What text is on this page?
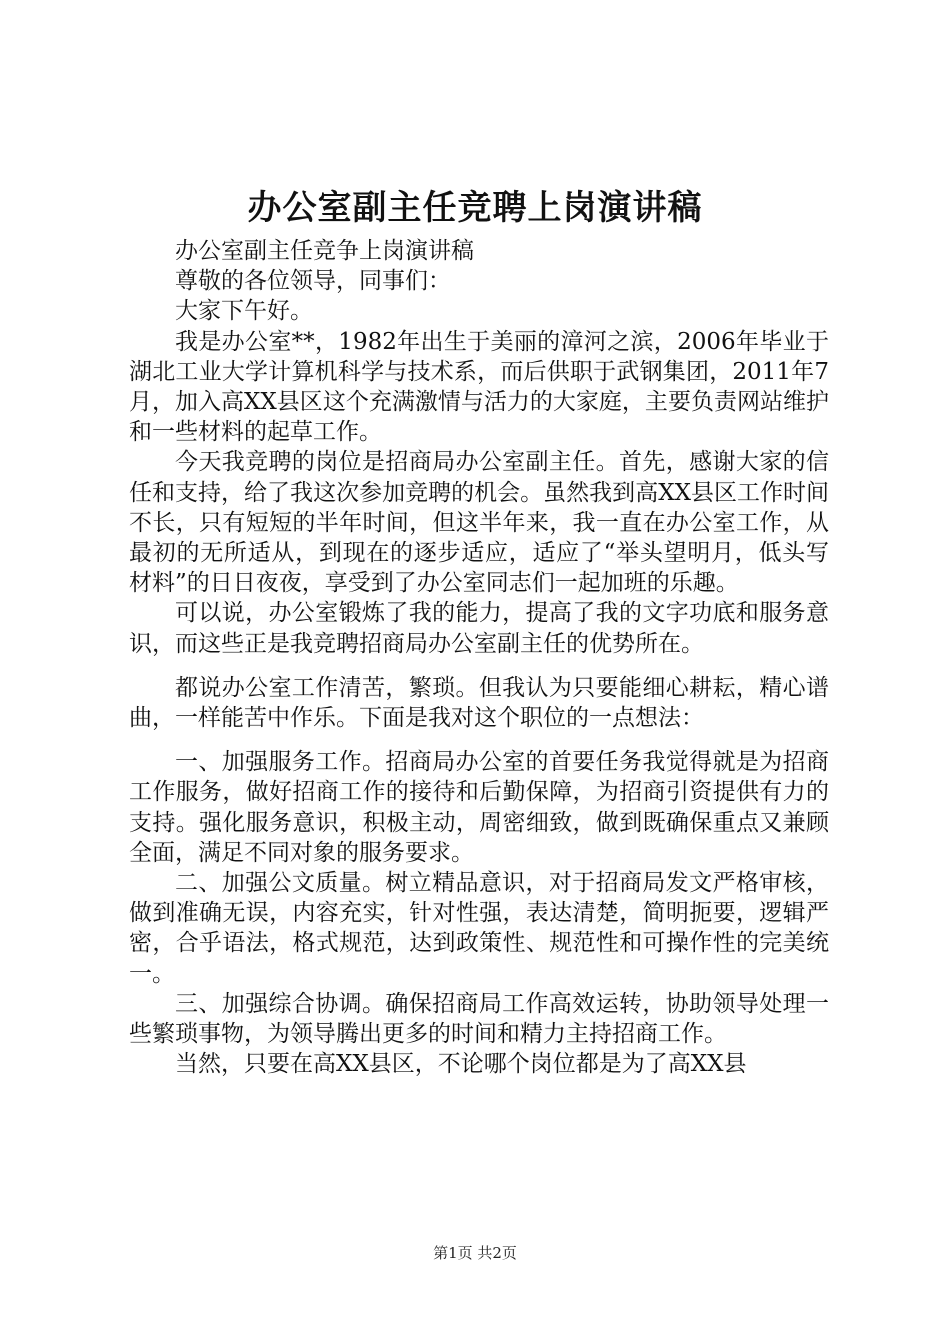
办公室副主任竞聘上岗演讲稿

办公室副主任竞争上岗演讲稿

尊敬的各位领导，同事们：

大家下午好。

我是办公室**，1982年出生于美丽的漳河之滨，2006年毕业于湖北工业大学计算机科学与技术系，而后供职于武钢集团，2011年7月，加入高XX县区这个充满激情与活力的大家庭，主要负责网站维护和一些材料的起草工作。

今天我竞聘的岗位是招商局办公室副主任。首先，感谢大家的信任和支持，给了我这次参加竞聘的机会。虽然我到高XX县区工作时间不长，只有短短的半年时间，但这半年来，我一直在办公室工作，从最初的无所适从，到现在的逐步适应，适应了“举头望明月，低头写材料”的日日夜夜，享受到了办公室同志们一起加班的乐趣。

可以说，办公室锻炼了我的能力，提高了我的文字功底和服务意识，而这些正是我竞聘招商局办公室副主任的优势所在。

都说办公室工作清苦，繁琐。但我认为只要能细心耕耘，精心谱曲，一样能苦中作乐。下面是我对这个职位的一点想法：

一、加强服务工作。招商局办公室的首要任务我觉得就是为招商工作服务，做好招商工作的接待和后勤保障，为招商引资提供有力的支持。强化服务意识，积极主动，周密细致，做到既确保重点又兼顾全面，满足不同对象的服务要求。

二、加强公文质量。树立精品意识，对于招商局发文严格审核，做到准确无误，内容充实，针对性强，表达清楚，简明扼要，逻辑严密，合乎语法，格式规范，达到政策性、规范性和可操作性的完美统一。

三、加强综合协调。确保招商局工作高效运转，协助领导处理一些繁琐事物，为领导腾出更多的时间和精力主持招商工作。

当然，只要在高XX县区，不论哪个岗位都是为了高XX县

第1页 共2页
